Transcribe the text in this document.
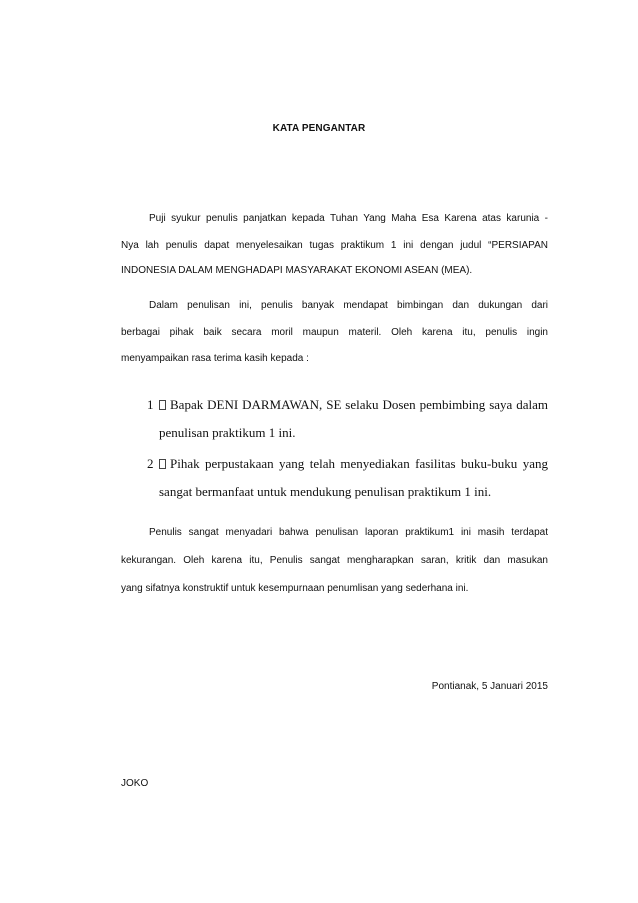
KATA PENGANTAR
Puji syukur penulis panjatkan kepada Tuhan Yang Maha Esa Karena atas karunia -
Nya lah penulis dapat menyelesaikan tugas praktikum 1 ini dengan judul “PERSIAPAN
INDONESIA DALAM MENGHADAPI MASYARAKAT EKONOMI ASEAN (MEA).
Dalam penulisan ini, penulis banyak mendapat bimbingan dan dukungan dari
berbagai pihak baik secara moril maupun materil. Oleh karena itu, penulis ingin
menyampaikan rasa terima kasih kepada :
1 Bapak DENI DARMAWAN, SE selaku Dosen pembimbing saya dalam
penulisan praktikum 1 ini.
2 Pihak perpustakaan yang telah menyediakan fasilitas buku-buku yang
sangat bermanfaat untuk mendukung penulisan praktikum 1 ini.
Penulis sangat menyadari bahwa penulisan laporan praktikum1 ini masih terdapat
kekurangan. Oleh karena itu, Penulis sangat mengharapkan saran, kritik dan masukan
yang sifatnya konstruktif untuk kesempurnaan penumlisan yang sederhana ini.
Pontianak, 5 Januari 2015
JOKO
